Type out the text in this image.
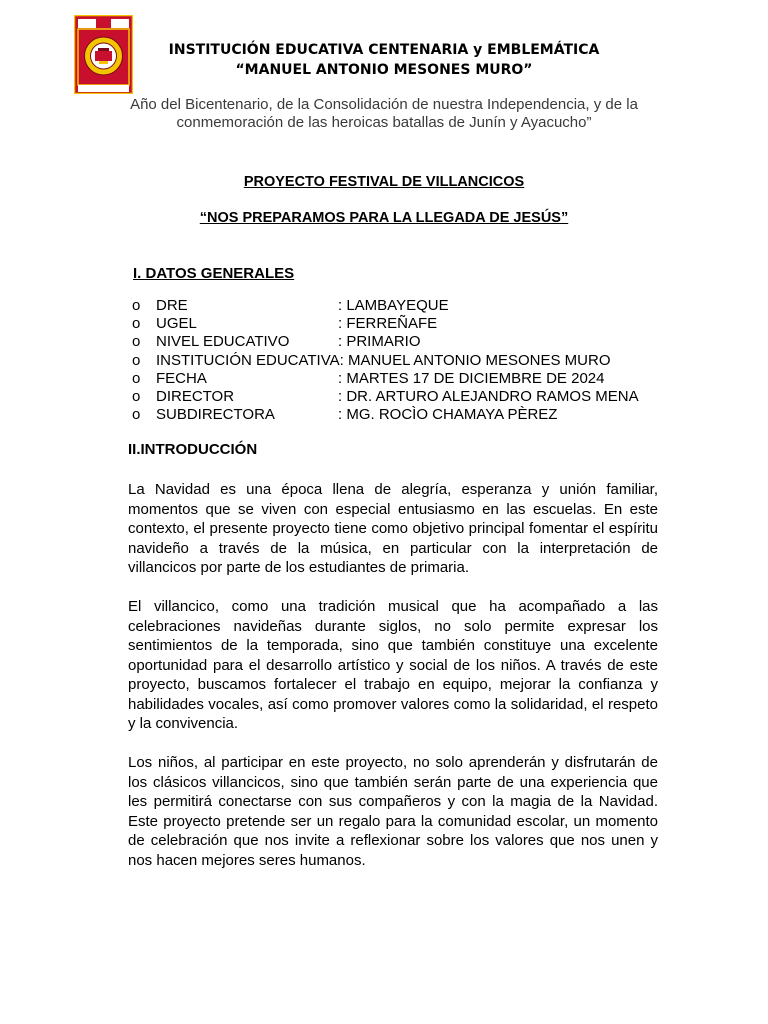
INSTITUCIÓN EDUCATIVA CENTENARIA y EMBLEMÁTICA
“MANUEL ANTONIO MESONES MURO”
Año del Bicentenario, de la Consolidación de nuestra Independencia, y de la conmemoración de las heroicas batallas de Junín y Ayacucho”
PROYECTO FESTIVAL DE VILLANCICOS
“NOS PREPARAMOS PARA LA LLEGADA DE JESÚS”
I. DATOS GENERALES
o	DRE	: LAMBAYEQUE
o	UGEL	: FERREÑAFE
o	NIVEL EDUCATIVO	: PRIMARIO
o	INSTITUCIÓN EDUCATIVA: MANUEL ANTONIO MESONES MURO
o	FECHA	: MARTES 17 DE DICIEMBRE DE 2024
o	DIRECTOR	: DR. ARTURO ALEJANDRO RAMOS MENA
o	SUBDIRECTORA	: MG. ROCÌO CHAMAYA PÈREZ
II.INTRODUCCIÓN

La Navidad es una época llena de alegría, esperanza y unión familiar, momentos que se viven con especial entusiasmo en las escuelas. En este contexto, el presente proyecto tiene como objetivo principal fomentar el espíritu navideño a través de la música, en particular con la interpretación de villancicos por parte de los estudiantes de primaria.

El villancico, como una tradición musical que ha acompañado a las celebraciones navideñas durante siglos, no solo permite expresar los sentimientos de la temporada, sino que también constituye una excelente oportunidad para el desarrollo artístico y social de los niños. A través de este proyecto, buscamos fortalecer el trabajo en equipo, mejorar la confianza y habilidades vocales, así como promover valores como la solidaridad, el respeto y la convivencia.

Los niños, al participar en este proyecto, no solo aprenderán y disfrutarán de los clásicos villancicos, sino que también serán parte de una experiencia que les permitirá conectarse con sus compañeros y con la magia de la Navidad. Este proyecto pretende ser un regalo para la comunidad escolar, un momento de celebración que nos invite a reflexionar sobre los valores que nos unen y nos hacen mejores seres humanos.
